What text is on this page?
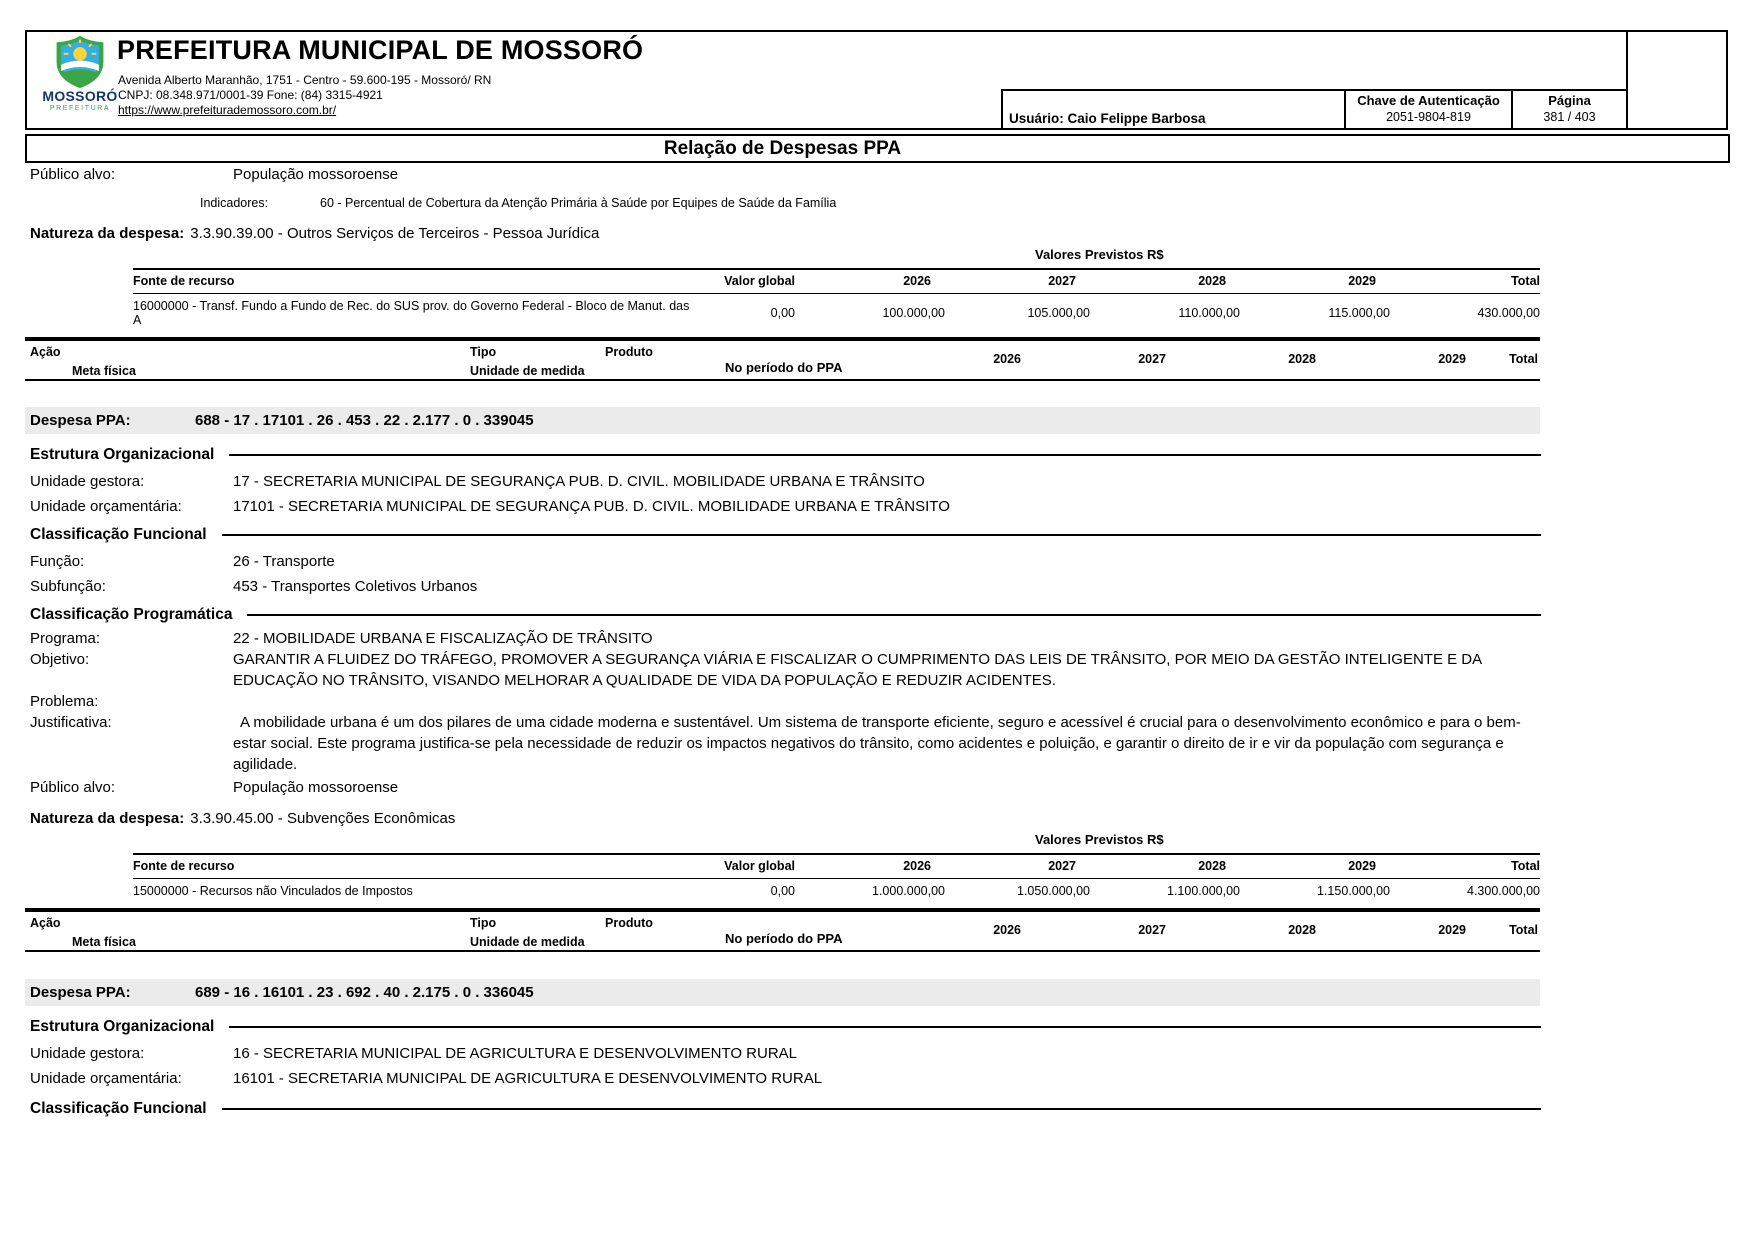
MOSSORÓ
PREFEITURA
PREFEITURA MUNICIPAL DE MOSSORÓ
Avenida Alberto Maranhão, 1751 - Centro - 59.600-195 - Mossoró/ RN
CNPJ: 08.348.971/0001-39 Fone: (84) 3315-4921
https://www.prefeiturademossoro.com.br/
Usuário: Caio Felippe Barbosa
Chave de Autenticação
2051-9804-819
Página
381 / 403
Relação de Despesas PPA
Público alvo:	População mossoroense
Indicadores:	60 - Percentual de Cobertura da Atenção Primária à Saúde por Equipes de Saúde da Família
Natureza da despesa: 3.3.90.39.00 - Outros Serviços de Terceiros - Pessoa Jurídica
Valores Previstos R$
Fonte de recurso	Valor global	2026	2027	2028	2029	Total
16000000 - Transf. Fundo a Fundo de Rec. do SUS prov. do Governo Federal - Bloco de Manut. das A	0,00	100.000,00	105.000,00	110.000,00	115.000,00	430.000,00
Ação	Tipo	Produto
Meta física	Unidade de medida	No período do PPA
2026	2027	2028	2029	Total
Despesa PPA:	688 - 17 . 17101 . 26 . 453 . 22 . 2.177 . 0 . 339045
Estrutura Organizacional
Unidade gestora:	17 - SECRETARIA MUNICIPAL DE SEGURANÇA PUB. D. CIVIL. MOBILIDADE URBANA E TRÂNSITO
Unidade orçamentária:	17101 - SECRETARIA MUNICIPAL DE SEGURANÇA PUB. D. CIVIL. MOBILIDADE URBANA E TRÂNSITO
Classificação Funcional
Função:	26 - Transporte
Subfunção:	453 - Transportes Coletivos Urbanos
Classificação Programática
Programa:	22 - MOBILIDADE URBANA E FISCALIZAÇÃO DE TRÂNSITO
Objetivo:	GARANTIR A FLUIDEZ DO TRÁFEGO, PROMOVER A SEGURANÇA VIÁRIA E FISCALIZAR O CUMPRIMENTO DAS LEIS DE TRÂNSITO, POR MEIO DA GESTÃO INTELIGENTE E DA EDUCAÇÃO NO TRÂNSITO, VISANDO MELHORAR A QUALIDADE DE VIDA DA POPULAÇÃO E REDUZIR ACIDENTES.
Problema:
Justificativa:	A mobilidade urbana é um dos pilares de uma cidade moderna e sustentável. Um sistema de transporte eficiente, seguro e acessível é crucial para o desenvolvimento econômico e para o bem-estar social. Este programa justifica-se pela necessidade de reduzir os impactos negativos do trânsito, como acidentes e poluição, e garantir o direito de ir e vir da população com segurança e agilidade.
Público alvo:	População mossoroense
Natureza da despesa: 3.3.90.45.00 - Subvenções Econômicas
Valores Previstos R$
Fonte de recurso	Valor global	2026	2027	2028	2029	Total
15000000 - Recursos não Vinculados de Impostos	0,00	1.000.000,00	1.050.000,00	1.100.000,00	1.150.000,00	4.300.000,00
Ação	Tipo	Produto
Meta física	Unidade de medida	No período do PPA
2026	2027	2028	2029	Total
Despesa PPA:	689 - 16 . 16101 . 23 . 692 . 40 . 2.175 . 0 . 336045
Estrutura Organizacional
Unidade gestora:	16 - SECRETARIA MUNICIPAL DE AGRICULTURA E DESENVOLVIMENTO RURAL
Unidade orçamentária:	16101 - SECRETARIA MUNICIPAL DE AGRICULTURA E DESENVOLVIMENTO RURAL
Classificação Funcional
